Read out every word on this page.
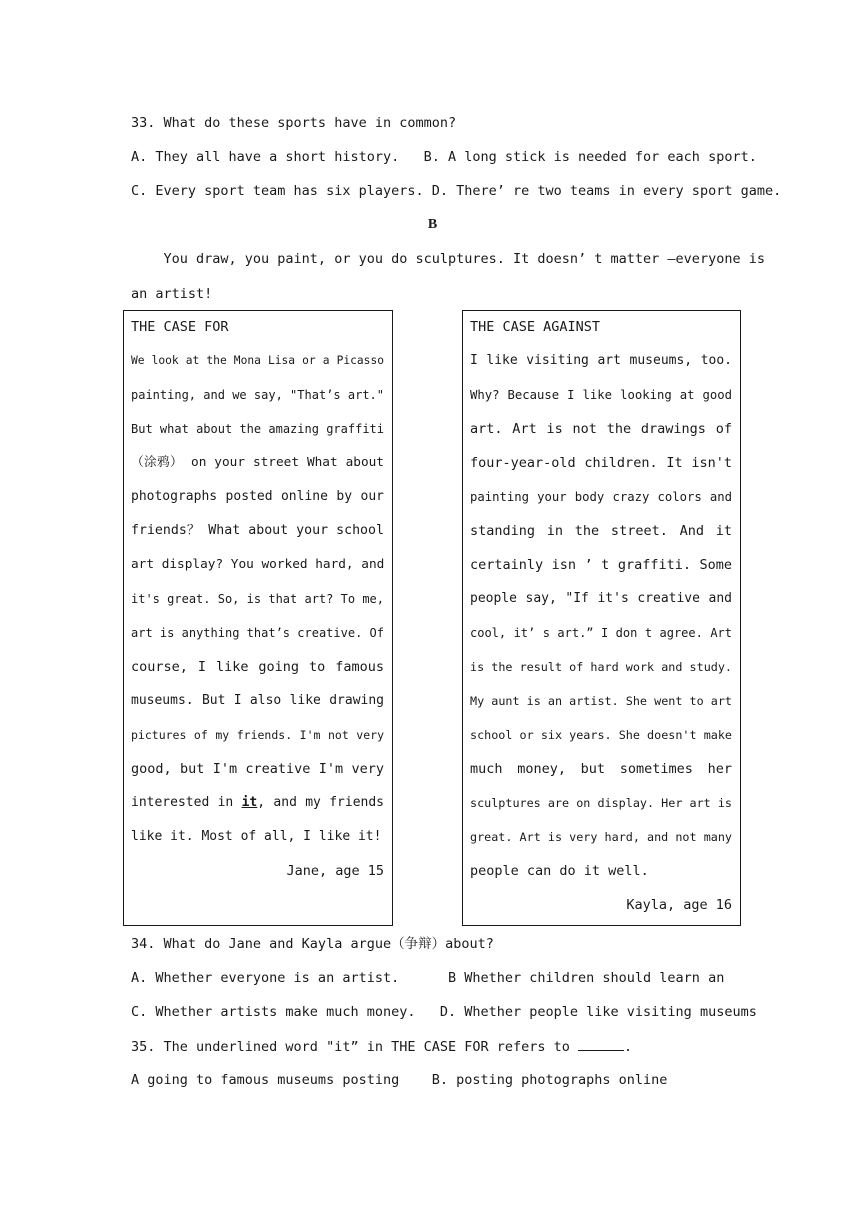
33. What do these sports have in common?
A. They all have a short history.   B. A long stick is needed for each sport.
C. Every sport team has six players. D. There’ re two teams in every sport game.
B
You draw, you paint, or you do sculptures. It doesn’ t matter –everyone is
an artist!
THE CASE FOR
We look at the Mona Lisa or a Picasso
painting, and we say, "That’s art."
But what about the amazing graffiti
（涂鸦） on your street What about
photographs posted online by our
friends？ What about your school
art display? You worked hard, and
it's great. So, is that art? To me,
art is anything that’s creative. Of
course, I like going to famous
museums. But I also like drawing
pictures of my friends. I'm not very
good, but I'm creative I'm very
interested in it, and my friends
like it. Most of all, I like it!
Jane, age 15
THE CASE AGAINST
I like visiting art museums, too.
Why? Because I like looking at good
art. Art is not the drawings of
four-year-old children. It isn't
painting your body crazy colors and
standing in the street. And it
certainly isn ’ t graffiti. Some
people say, "If it's creative and
cool, it’ s art.” I don t agree. Art
is the result of hard work and study.
My aunt is an artist. She went to art
school or six years. She doesn't make
much money, but sometimes her
sculptures are on display. Her art is
great. Art is very hard, and not many
people can do it well.
Kayla, age 16
34. What do Jane and Kayla argue（争辩）about?
A. Whether everyone is an artist.      B Whether children should learn an
C. Whether artists make much money.   D. Whether people like visiting museums
35. The underlined word "it” in THE CASE FOR refers to	.
A going to famous museums posting    B. posting photographs online
